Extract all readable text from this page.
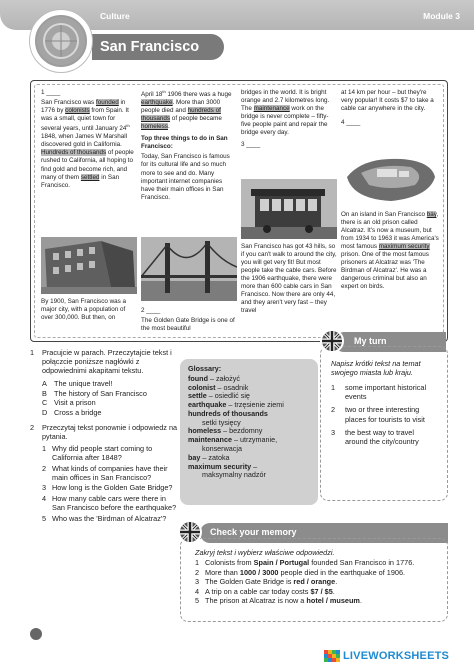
Culture	Module 3
San Francisco

1 ____

San Francisco was founded in 1776 by colonists from Spain. It was a small, quiet town for several years, until January 24th 1848, when James W Marshall discovered gold in California. Hundreds of thousands of people rushed to California, all hoping to find gold and become rich, and many of them settled in San Francisco.

By 1900, San Francisco was a major city, with a population of over 300,000. But then, on

April 18th 1906 there was a huge earthquake. More than 3000 people died and hundreds of thousands of people became homeless.

Top three things to do in San Francisco:

Today, San Francisco is famous for its cultural life and so much more to see and do. Many important internet companies have their main offices in San Francisco.

2 ____

The Golden Gate Bridge is one of the most beautiful

bridges in the world. It is bright orange and 2.7 kilometres long. The maintenance work on the bridge is never complete – fifty-five people paint and repair the bridge every day.

3 ____

San Francisco has got 43 hills, so if you can't walk to around the city, you will get very fit! But most people take the cable cars. Before the 1906 earthquake, there were more than 600 cable cars in San Francisco. Now there are only 44, and they aren't very fast – they travel

at 14 km per hour – but they're very popular! It costs $7 to take a cable car anywhere in the city.

4 ____

On an island in San Francisco bay, there is an old prison called Alcatraz. It's now a museum, but from 1934 to 1963 it was America's most famous maximum security prison. One of the most famous prisoners at Alcatraz was 'The Birdman of Alcatraz'. He was a dangerous criminal but also an expert on birds.

1 Pracujcie w parach. Przeczytajcie tekst i połączcie poniższe nagłówki z odpowiednimi akapitami tekstu.
A The unique travel!
B The history of San Francisco
C Visit a prison
D Cross a bridge
2 Przeczytaj tekst ponownie i odpowiedz na pytania.
1 Why did people start coming to California after 1848?
2 What kinds of companies have their main offices in San Francisco?
3 How long is the Golden Gate Bridge?
4 How many cable cars were there in San Francisco before the earthquake?
5 Who was the 'Birdman of Alcatraz'?
Glossary:
found – założyć
colonist – osadnik
settle – osiedlić się
earthquake – trzęsienie ziemi
hundreds of thousands
setki tysięcy
homeless – bezdomny
maintenance – utrzymanie,
konserwacja
bay – zatoka
maximum security –
maksymalny nadzór
My turn
Napisz krótki tekst na temat swojego miasta lub kraju.
1 some important historical events
2 two or three interesting places for tourists to visit
3 the best way to travel around the city/country
Check your memory
Zakryj tekst i wybierz właściwe odpowiedzi.
1 Colonists from Spain / Portugal founded San Francisco in 1776.
2 More than 1000 / 3000 people died in the earthquake of 1906.
3 The Golden Gate Bridge is red / orange.
4 A trip on a cable car today costs $7 / $5.
5 The prison at Alcatraz is now a hotel / museum.
LIVEWORKSHEETS
